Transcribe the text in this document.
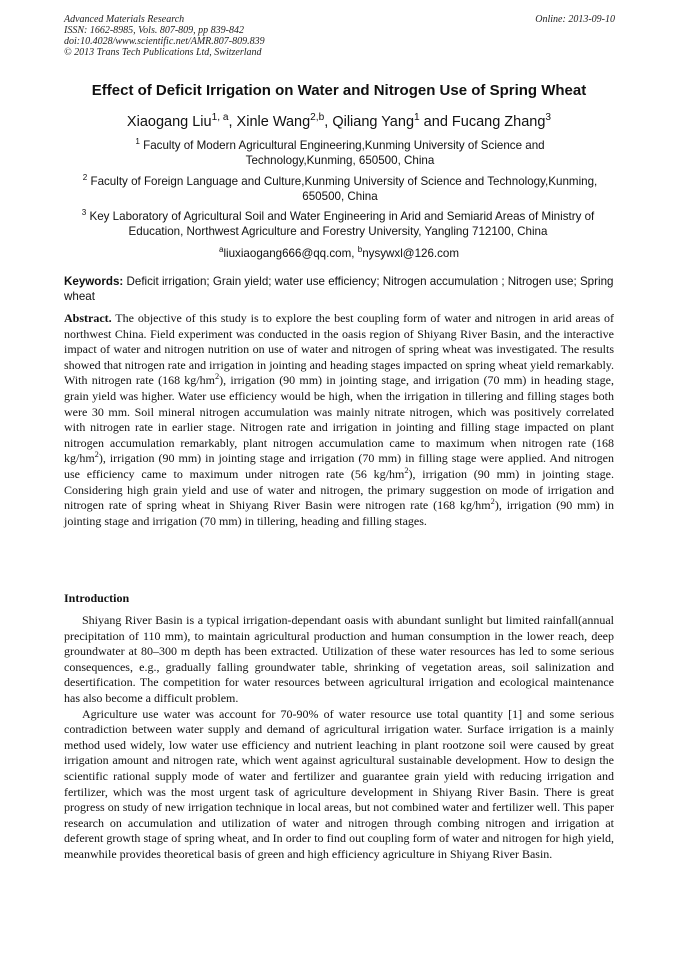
Advanced Materials Research
ISSN: 1662-8985, Vols. 807-809, pp 839-842
doi:10.4028/www.scientific.net/AMR.807-809.839
© 2013 Trans Tech Publications Ltd, Switzerland
Online: 2013-09-10
Effect of Deficit Irrigation on Water and Nitrogen Use of Spring Wheat
Xiaogang Liu$^{1, a}$, Xinle Wang$^{2,b}$, Qiliang Yang$^1$ and Fucang Zhang$^3$
$^1$ Faculty of Modern Agricultural Engineering,Kunming University of Science and Technology,Kunming, 650500, China
$^2$ Faculty of Foreign Language and Culture,Kunming University of Science and Technology,Kunming, 650500, China
$^3$ Key Laboratory of Agricultural Soil and Water Engineering in Arid and Semiarid Areas of Ministry of Education, Northwest Agriculture and Forestry University, Yangling 712100, China
$^a$liuxiaogang666@qq.com, $^b$nysywxl@126.com
Keywords: Deficit irrigation; Grain yield; water use efficiency; Nitrogen accumulation ; Nitrogen use; Spring wheat
Abstract. The objective of this study is to explore the best coupling form of water and nitrogen in arid areas of northwest China. Field experiment was conducted in the oasis region of Shiyang River Basin, and the interactive impact of water and nitrogen nutrition on use of water and nitrogen of spring wheat was investigated. The results showed that nitrogen rate and irrigation in jointing and heading stages impacted on spring wheat yield remarkably. With nitrogen rate (168 $kg/hm^2$), irrigation (90 mm) in jointing stage, and irrigation (70 mm) in heading stage, grain yield was higher. Water use efficiency would be high, when the irrigation in tillering and filling stages both were 30 mm. Soil mineral nitrogen accumulation was mainly nitrate nitrogen, which was positively correlated with nitrogen rate in earlier stage. Nitrogen rate and irrigation in jointing and filling stage impacted on plant nitrogen accumulation remarkably, plant nitrogen accumulation came to maximum when nitrogen rate (168 $kg/hm^2$), irrigation (90 mm) in jointing stage and irrigation (70 mm) in filling stage were applied. And nitrogen use efficiency came to maximum under nitrogen rate (56 $kg/hm^2$), irrigation (90 mm) in jointing stage. Considering high grain yield and use of water and nitrogen, the primary suggestion on mode of irrigation and nitrogen rate of spring wheat in Shiyang River Basin were nitrogen rate (168 $kg/hm^2$), irrigation (90 mm) in jointing stage and irrigation (70 mm) in tillering, heading and filling stages.
Introduction

Shiyang River Basin is a typical irrigation-dependant oasis with abundant sunlight but limited rainfall(annual precipitation of 110 mm), to maintain agricultural production and human consumption in the lower reach, deep groundwater at 80–300 m depth has been extracted. Utilization of these water resources has led to some serious consequences, e.g., gradually falling groundwater table, shrinking of vegetation areas, soil salinization and desertification. The competition for water resources between agricultural irrigation and ecological maintenance has also become a difficult problem.

Agriculture use water was account for 70-90% of water resource use total quantity [1] and some serious contradiction between water supply and demand of agricultural irrigation water. Surface irrigation is a mainly method used widely, low water use efficiency and nutrient leaching in plant rootzone soil were caused by great irrigation amount and nitrogen rate, which went against agricultural sustainable development. How to design the scientific rational supply mode of water and fertilizer and guarantee grain yield with reducing irrigation and fertilizer, which was the most urgent task of agriculture development in Shiyang River Basin. There is great progress on study of new irrigation technique in local areas, but not combined water and fertilizer well. This paper research on accumulation and utilization of water and nitrogen through combing nitrogen and irrigation at deferent growth stage of spring wheat, and In order to find out coupling form of water and nitrogen for high yield, meanwhile provides theoretical basis of green and high efficiency agriculture in Shiyang River Basin.
